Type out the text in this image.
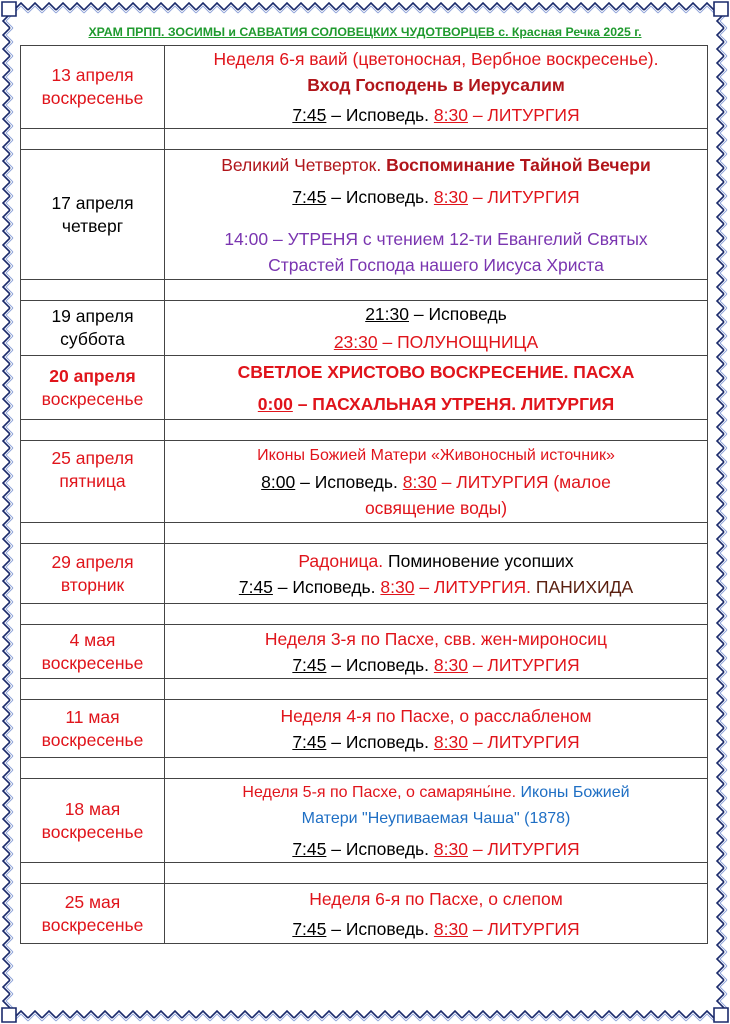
ХРАМ ПРПП. ЗОСИМЫ и САВВАТИЯ СОЛОВЕЦКИХ ЧУДОТВОРЦЕВ с. Красная Речка 2025 г.
13 апреля
воскресенье	Неделя 6-я ваий (цветоносная, Вербное воскресенье).
Вход Господень в Иерусалим
7:45 – Исповедь. 8:30 – ЛИТУРГИЯ

17 апреля
четверг	Великий Четверток. Воспоминание Тайной Вечери
7:45 – Исповедь. 8:30 – ЛИТУРГИЯ
14:00 – УТРЕНЯ с чтением 12-ти Евангелий Святых
Страстей Господа нашего Иисуса Христа

19 апреля
суббота	21:30 – Исповедь
23:30 – ПОЛУНОЩНИЦА

20 апреля
воскресенье	СВЕТЛОЕ ХРИСТОВО ВОСКРЕСЕНИЕ. ПАСХА
0:00 – ПАСХАЛЬНАЯ УТРЕНЯ. ЛИТУРГИЯ

25 апреля
пятница	Иконы Божией Матери «Живоносный источник»
8:00 – Исповедь. 8:30 – ЛИТУРГИЯ (малое
освящение воды)

29 апреля
вторник	Радоница. Поминовение усопших
7:45 – Исповедь. 8:30 – ЛИТУРГИЯ. ПАНИХИДА

4 мая
воскресенье	Неделя 3-я по Пасхе, свв. жен-мироносиц
7:45 – Исповедь. 8:30 – ЛИТУРГИЯ

11 мая
воскресенье	Неделя 4-я по Пасхе, о расслабленом
7:45 – Исповедь. 8:30 – ЛИТУРГИЯ

18 мая
воскресенье	Неделя 5-я по Пасхе, о самаряны́не. Иконы Божией
Матери "Неупиваемая Чаша" (1878)
7:45 – Исповедь. 8:30 – ЛИТУРГИЯ

25 мая
воскресенье	Неделя 6-я по Пасхе, о слепом
7:45 – Исповедь. 8:30 – ЛИТУРГИЯ
